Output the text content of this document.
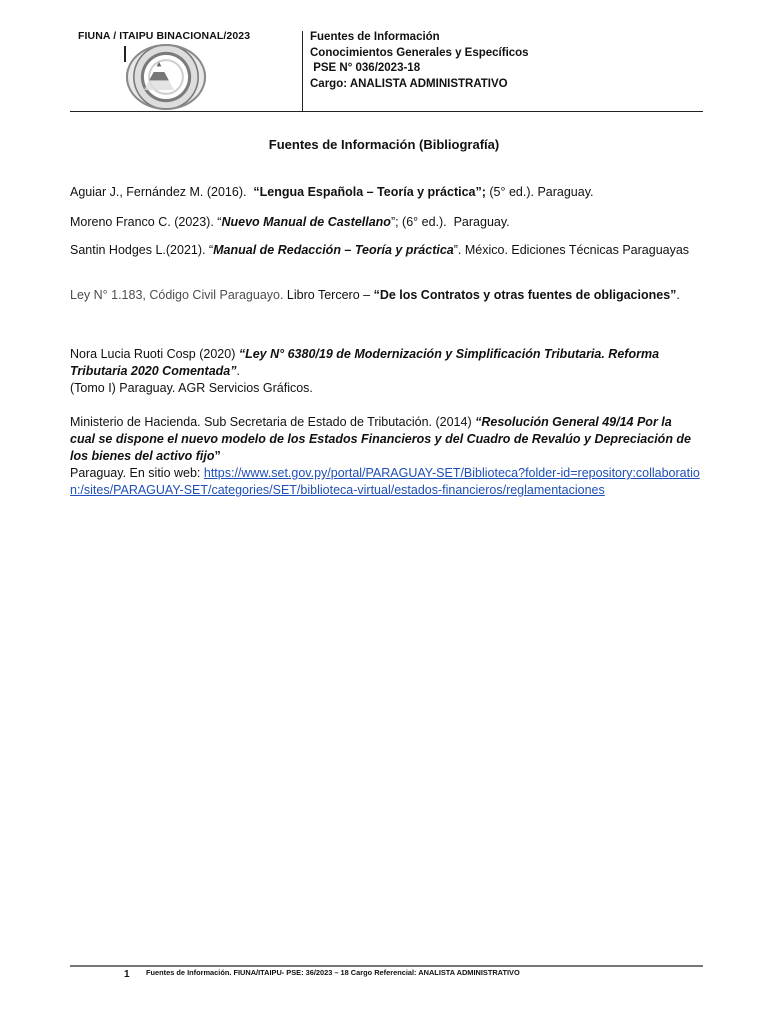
FIUNA / ITAIPU BINACIONAL/2023	Fuentes de Información
Conocimientos Generales y Específicos
PSE N° 036/2023-18
Cargo: ANALISTA ADMINISTRATIVO
Fuentes de Información (Bibliografía)
Aguiar J., Fernández M. (2016).  “Lengua Española – Teoría y práctica”; (5° ed.). Paraguay.
Moreno Franco C. (2023). “Nuevo Manual de Castellano”; (6° ed.).  Paraguay.
Santin Hodges L.(2021). “Manual de Redacción – Teoría y práctica”. México. Ediciones Técnicas Paraguayas
Ley N° 1.183, Código Civil Paraguayo. Libro Tercero – “De los Contratos y otras fuentes de obligaciones”.
Nora Lucia Ruoti Cosp (2020) “Ley N° 6380/19 de Modernización y Simplificación Tributaria. Reforma Tributaria 2020 Comentada”.
(Tomo I) Paraguay. AGR Servicios Gráficos.
Ministerio de Hacienda. Sub Secretaria de Estado de Tributación. (2014) “Resolución General 49/14 Por la cual se dispone el nuevo modelo de los Estados Financieros y del Cuadro de Revalúo y Depreciación de los bienes del activo fijo”
Paraguay. En sitio web: https://www.set.gov.py/portal/PARAGUAY-SET/Biblioteca?folder-id=repository:collaboration:/sites/PARAGUAY-SET/categories/SET/biblioteca-virtual/estados-financieros/reglamentaciones
1 Fuentes de Información. FIUNA/ITAIPU- PSE: 36/2023 – 18 Cargo Referencial: ANALISTA ADMINISTRATIVO
